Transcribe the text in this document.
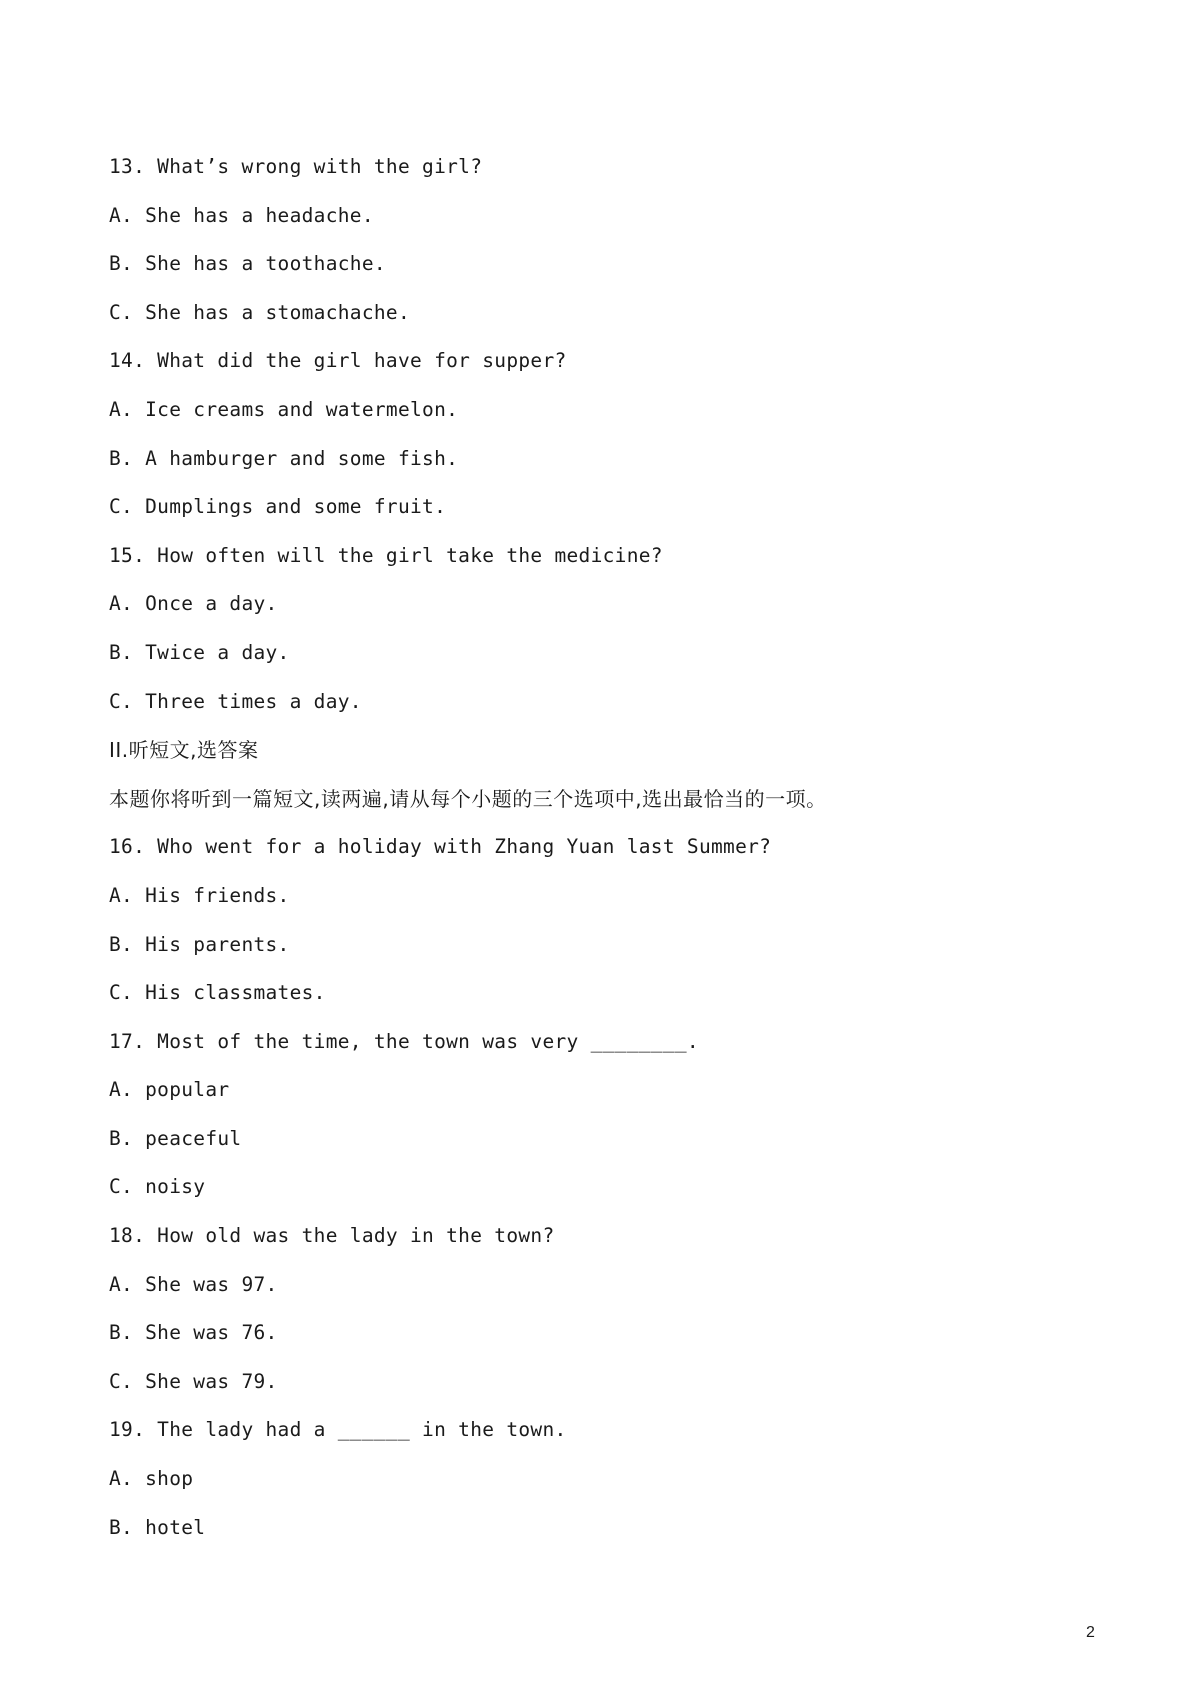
13. What’s wrong with the girl?
A. She has a headache.
B. She has a toothache.
C. She has a stomachache.
14. What did the girl have for supper?
A. Ice creams and watermelon.
B. A hamburger and some fish.
C. Dumplings and some fruit.
15. How often will the girl take the medicine?
A. Once a day.
B. Twice a day.
C. Three times a day.
II.听短文,选答案
本题你将听到一篇短文,读两遍,请从每个小题的三个选项中,选出最恰当的一项。
16. Who went for a holiday with Zhang Yuan last Summer?
A. His friends.
B. His parents.
C. His classmates.
17. Most of the time, the town was very ________.
A. popular
B. peaceful
C. noisy
18. How old was the lady in the town?
A. She was 97.
B. She was 76.
C. She was 79.
19. The lady had a ______ in the town.
A. shop
B. hotel
2
